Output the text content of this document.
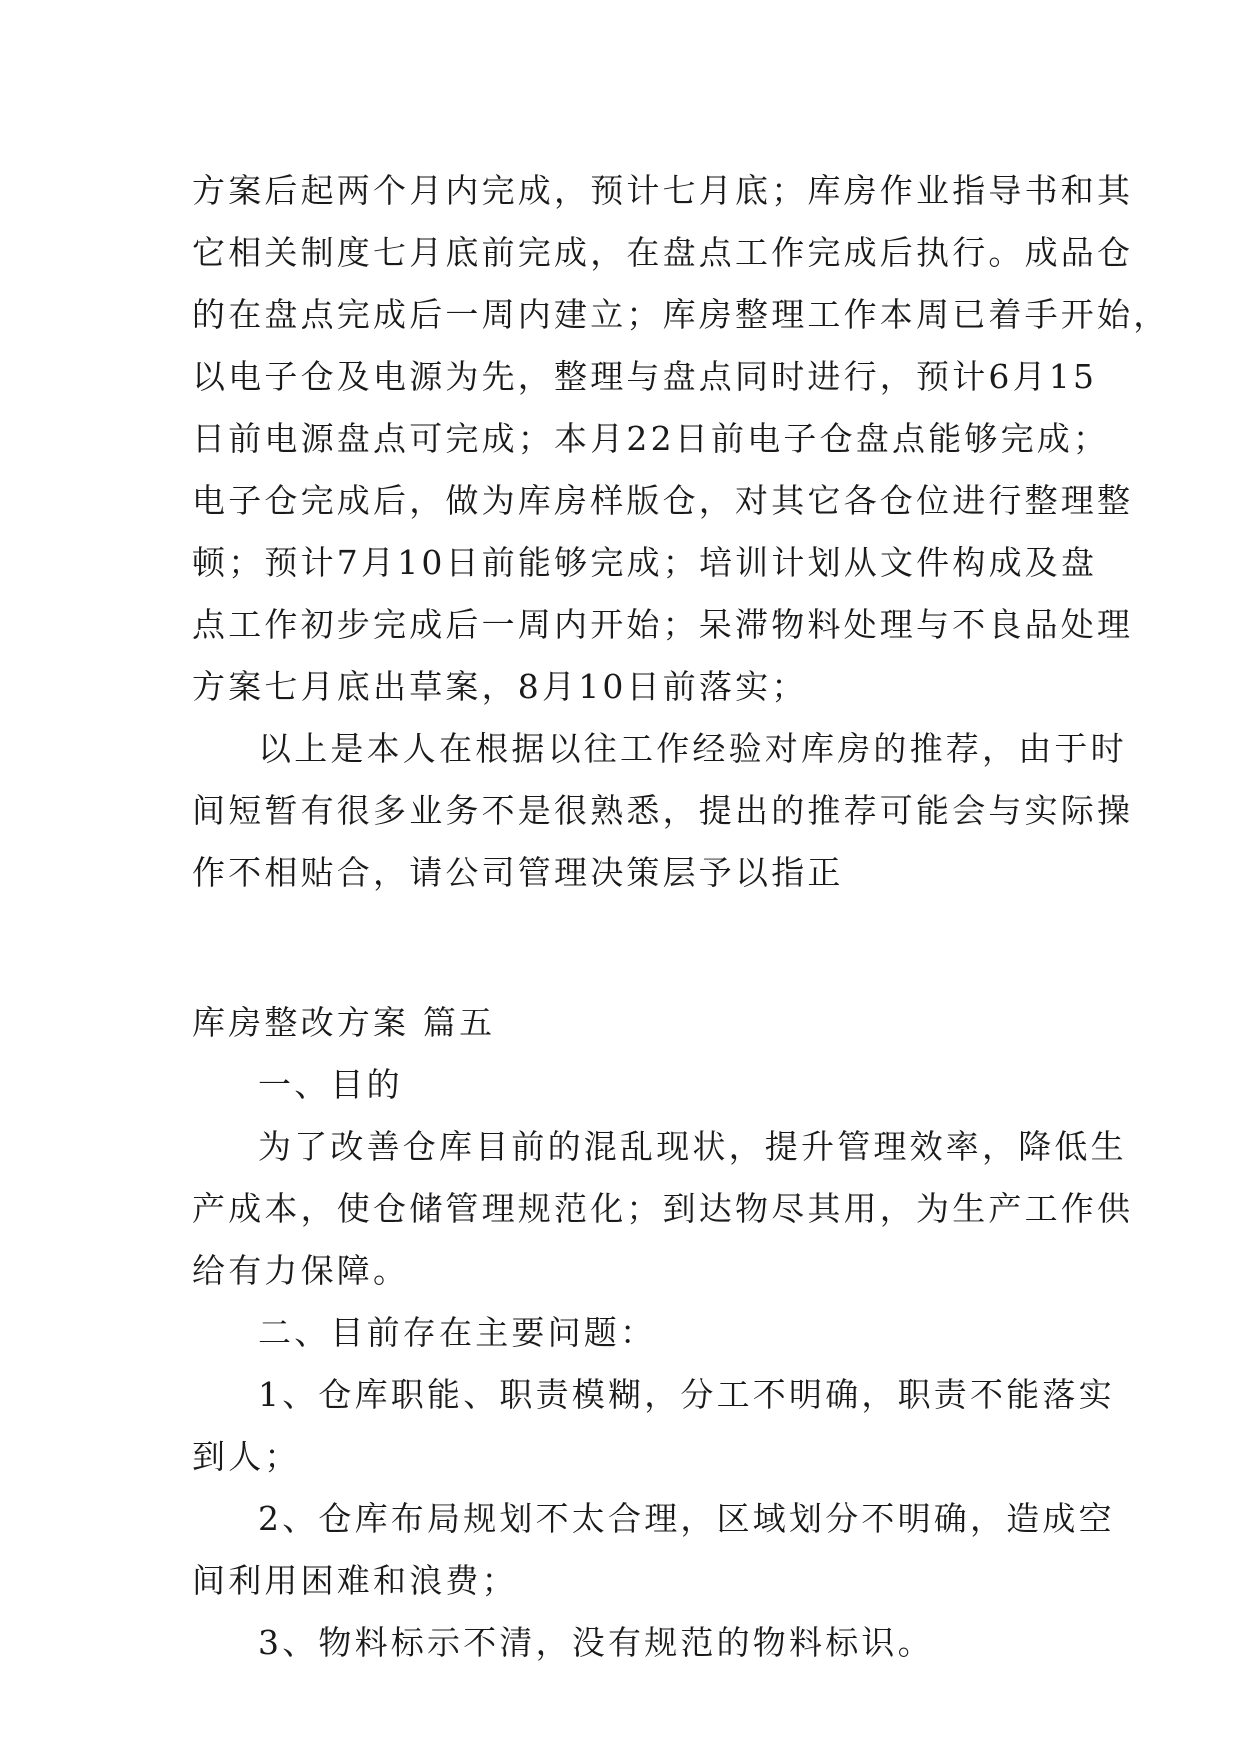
方案后起两个月内完成，预计七月底；库房作业指导书和其
它相关制度七月底前完成，在盘点工作完成后执行。成品仓
的在盘点完成后一周内建立；库房整理工作本周已着手开始，
以电子仓及电源为先，整理与盘点同时进行，预计6月15
日前电源盘点可完成；本月22日前电子仓盘点能够完成；
电子仓完成后，做为库房样版仓，对其它各仓位进行整理整
顿；预计7月10日前能够完成；培训计划从文件构成及盘
点工作初步完成后一周内开始；呆滞物料处理与不良品处理
方案七月底出草案，8月10日前落实；
以上是本人在根据以往工作经验对库房的推荐，由于时
间短暂有很多业务不是很熟悉，提出的推荐可能会与实际操
作不相贴合，请公司管理决策层予以指正
库房整改方案 篇五
一、目的
为了改善仓库目前的混乱现状，提升管理效率，降低生
产成本，使仓储管理规范化；到达物尽其用，为生产工作供
给有力保障。
二、目前存在主要问题：
1、仓库职能、职责模糊，分工不明确，职责不能落实
到人；
2、仓库布局规划不太合理，区域划分不明确，造成空
间利用困难和浪费；
3、物料标示不清，没有规范的物料标识。
